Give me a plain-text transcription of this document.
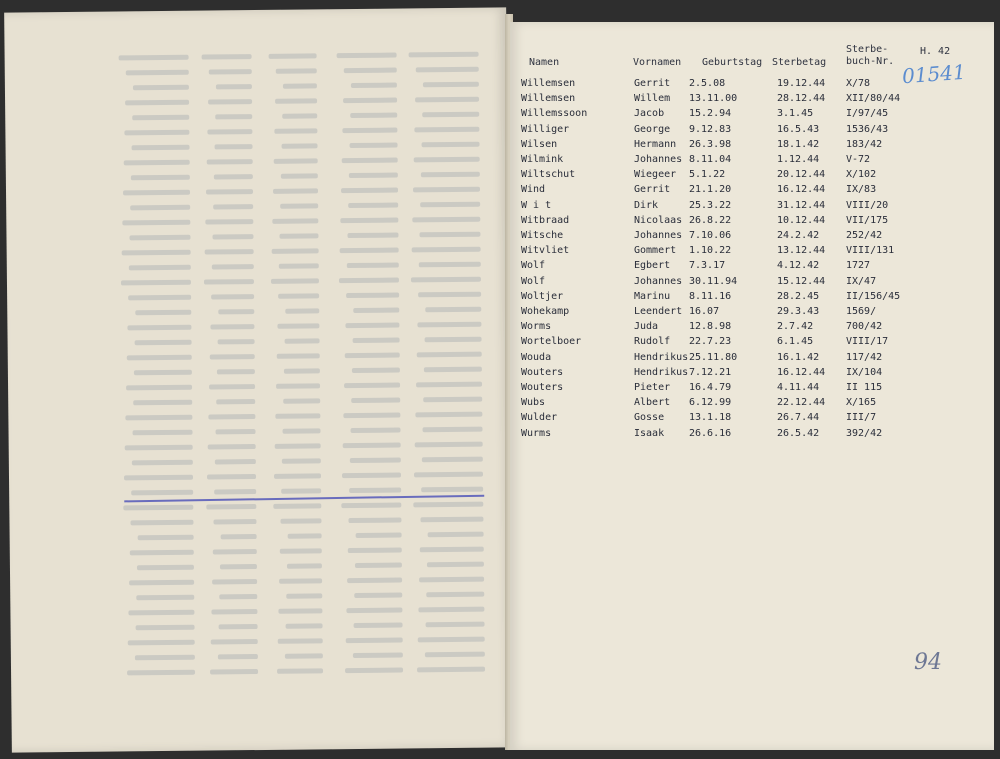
Namen	Vornamen Geburtstag Sterbetag
Sterbe-
buch-Nr.
H. 42
01541
94
Willemsen	Gerrit 2.5.08	19.12.44 X/78
Willemsen	Willem 13.11.00	28.12.44 XII/80/44
Willemssoon	Jacob 15.2.94	3.1.45	I/97/45
Williger	George 9.12.83	16.5.43	1536/43
Wilsen	Hermann 26.3.98	18.1.42	183/42
Wilmink	Johannes 8.11.04	1.12.44	V-72
Wiltschut	Wiegeer 5.1.22	20.12.44 X/102
Wind	Gerrit 21.1.20	16.12.44 IX/83
W i t	Dirk	25.3.22	31.12.44 VIII/20
Witbraad	Nicolaas 26.8.22	10.12.44 VII/175
Witsche	Johannes 7.10.06	24.2.42	252/42
Witvliet	Gommert 1.10.22	13.12.44 VIII/131
Wolf	Egbert 7.3.17	4.12.42	1727
Wolf	Johannes 30.11.94	15.12.44 IX/47
Woltjer	Marinu 8.11.16	28.2.45	II/156/45
Wohekamp	Leendert 16.07	29.3.43	1569/
Worms	Juda	12.8.98	2.7.42	700/42
Wortelboer	Rudolf 22.7.23	6.1.45	VIII/17
Wouda	Hendrikus 25.11.80	16.1.42	117/42
Wouters	Hendrikus 7.12.21	16.12.44 IX/104
Wouters	Pieter 16.4.79	4.11.44	II 115
Wubs	Albert 6.12.99	22.12.44 X/165
Wulder	Gosse 13.1.18	26.7.44	III/7
Wurms	Isaak 26.6.16	26.5.42	392/42
